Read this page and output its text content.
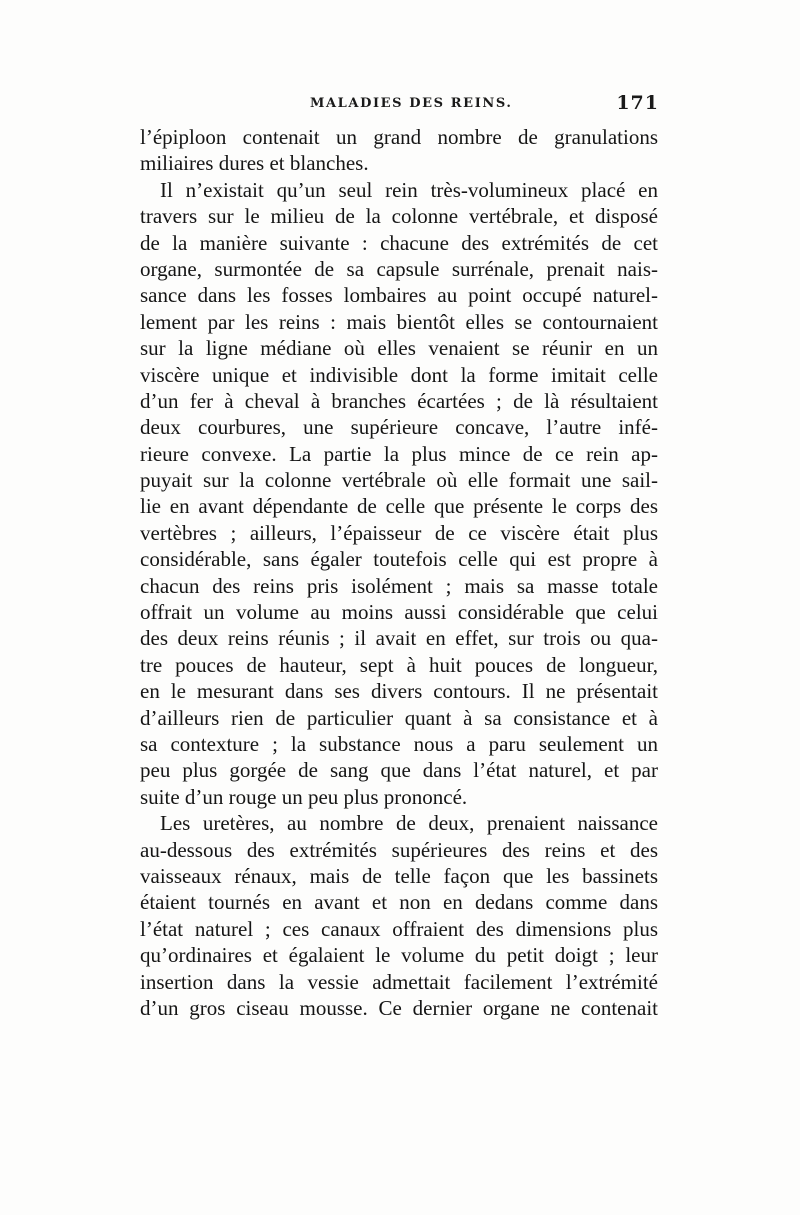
MALADIES DES REINS.	171
l’épiploon contenait un grand nombre de granulations
miliaires dures et blanches.
Il n’existait qu’un seul rein très-volumineux placé en
travers sur le milieu de la colonne vertébrale, et disposé
de la manière suivante : chacune des extrémités de cet
organe, surmontée de sa capsule surrénale, prenait nais-
sance dans les fosses lombaires au point occupé naturel-
lement par les reins : mais bientôt elles se contournaient
sur la ligne médiane où elles venaient se réunir en un
viscère unique et indivisible dont la forme imitait celle
d’un fer à cheval à branches écartées ; de là résultaient
deux courbures, une supérieure concave, l’autre infé-
rieure convexe. La partie la plus mince de ce rein ap-
puyait sur la colonne vertébrale où elle formait une sail-
lie en avant dépendante de celle que présente le corps des
vertèbres ; ailleurs, l’épaisseur de ce viscère était plus
considérable, sans égaler toutefois celle qui est propre à
chacun des reins pris isolément ; mais sa masse totale
offrait un volume au moins aussi considérable que celui
des deux reins réunis ; il avait en effet, sur trois ou qua-
tre pouces de hauteur, sept à huit pouces de longueur,
en le mesurant dans ses divers contours. Il ne présentait
d’ailleurs rien de particulier quant à sa consistance et à
sa contexture ; la substance nous a paru seulement un
peu plus gorgée de sang que dans l’état naturel, et par
suite d’un rouge un peu plus prononcé.
Les uretères, au nombre de deux, prenaient naissance
au-dessous des extrémités supérieures des reins et des
vaisseaux rénaux, mais de telle façon que les bassinets
étaient tournés en avant et non en dedans comme dans
l’état naturel ; ces canaux offraient des dimensions plus
qu’ordinaires et égalaient le volume du petit doigt ; leur
insertion dans la vessie admettait facilement l’extrémité
d’un gros ciseau mousse. Ce dernier organe ne contenait
